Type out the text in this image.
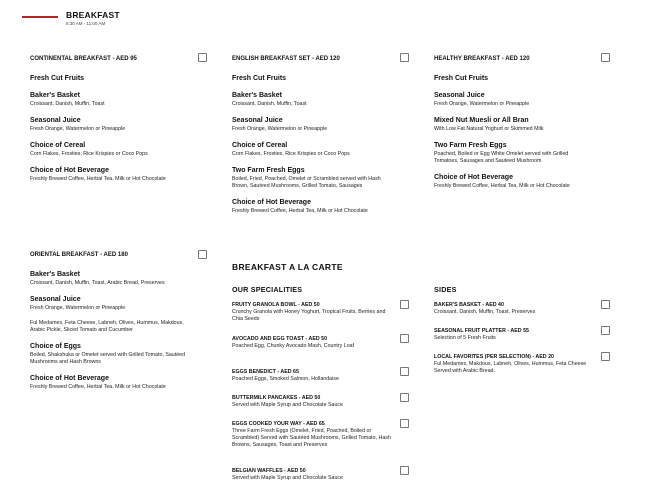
BREAKFAST
6:30 AM - 11:00 AM
CONTINENTAL BREAKFAST - AED 95
Fresh Cut Fruits
Baker's Basket
Croissant, Danish, Muffin, Toast
Seasonal Juice
Fresh Orange, Watermelon or Pineapple
Choice of Cereal
Corn Flakes, Frosties, Rice Krispies or Coco Pops
Choice of Hot Beverage
Freshly Brewed Coffee, Herbal Tea, Milk or Hot Chocolate
ENGLISH BREAKFAST SET - AED 120
Fresh Cut Fruits
Baker's Basket
Croissant, Danish, Muffin, Toast
Seasonal Juice
Fresh Orange, Watermelon or Pineapple
Choice of Cereal
Corn Flakes, Frosties, Rice Krispies or Coco Pops
Two Farm Fresh Eggs
Boiled, Fried, Poached, Omelet or Scrambled served with Hash Brown, Sauteed Mushrooms, Grilled Tomato, Sausages
Choice of Hot Beverage
Freshly Brewed Coffee, Herbal Tea, Milk or Hot Chocolate
HEALTHY BREAKFAST - AED 120
Fresh Cut Fruits
Seasonal Juice
Fresh Orange, Watermelon or Pineapple
Mixed Nut Muesli or All Bran
With Low Fat Natural Yoghurt or Skimmed Milk
Two Farm Fresh Eggs
Poached, Boiled or Egg White Omelet served with Grilled Tomatoes, Sausages and Sauteed Mushroom
Choice of Hot Beverage
Freshly Brewed Coffee, Herbal Tea, Milk or Hot Chocolate
ORIENTAL BREAKFAST - AED 180
Baker's Basket
Croissant, Danish, Muffin, Toast, Arabic Bread, Preserves
Seasonal Juice
Fresh Orange, Watermelon or Pineapple
Ful Medames, Feta Cheese, Labneh, Olives, Hummus, Makdous, Arabic Pickle, Sliced Tomato and Cucumber
Choice of Eggs
Boiled, Shakshuka or Omelet served with Grilled Tomato, Sautéed Mushrooms and Hash Browns
Choice of Hot Beverage
Freshly Brewed Coffee, Herbal Tea, Milk or Hot Chocolate
BREAKFAST A LA CARTE
OUR SPECIALITIES	SIDES
FRUITY GRANOLA BOWL - AED 50
Crunchy Granola with Honey Yoghurt, Tropical Fruits, Berries and Chia Seeds
AVOCADO AND EGG TOAST - AED 50
Poached Egg, Chunky Avocado Mash, Country Loaf
EGGS BENEDICT - AED 65
Poached Eggs, Smoked Salmon, Hollandaise
BUTTERMILK PANCAKES - AED 50
Served with Maple Syrup and Chocolate Sauce
EGGS COOKED YOUR WAY - AED 65
Three Farm Fresh Eggs (Omelet, Fried, Poached, Boiled or Scrambled) Served with Sautéed Mushrooms, Grilled Tomato, Hash Browns, Sausages, Toast and Preserves
BELGIAN WAFFLES - AED 50
Served with Maple Syrup and Chocolate Sauce
BAKER'S BASKET - AED 40
Croissant, Danish, Muffin, Toast, Preserves
SEASONAL FRUIT PLATTER - AED 55
Selection of 5 Fresh Fruits
LOCAL FAVORITES (PER SELECTION) - AED 20
Ful Medames, Makdous, Labneh, Olives, Hummus, Feta Cheese Served with Arabic Bread.
